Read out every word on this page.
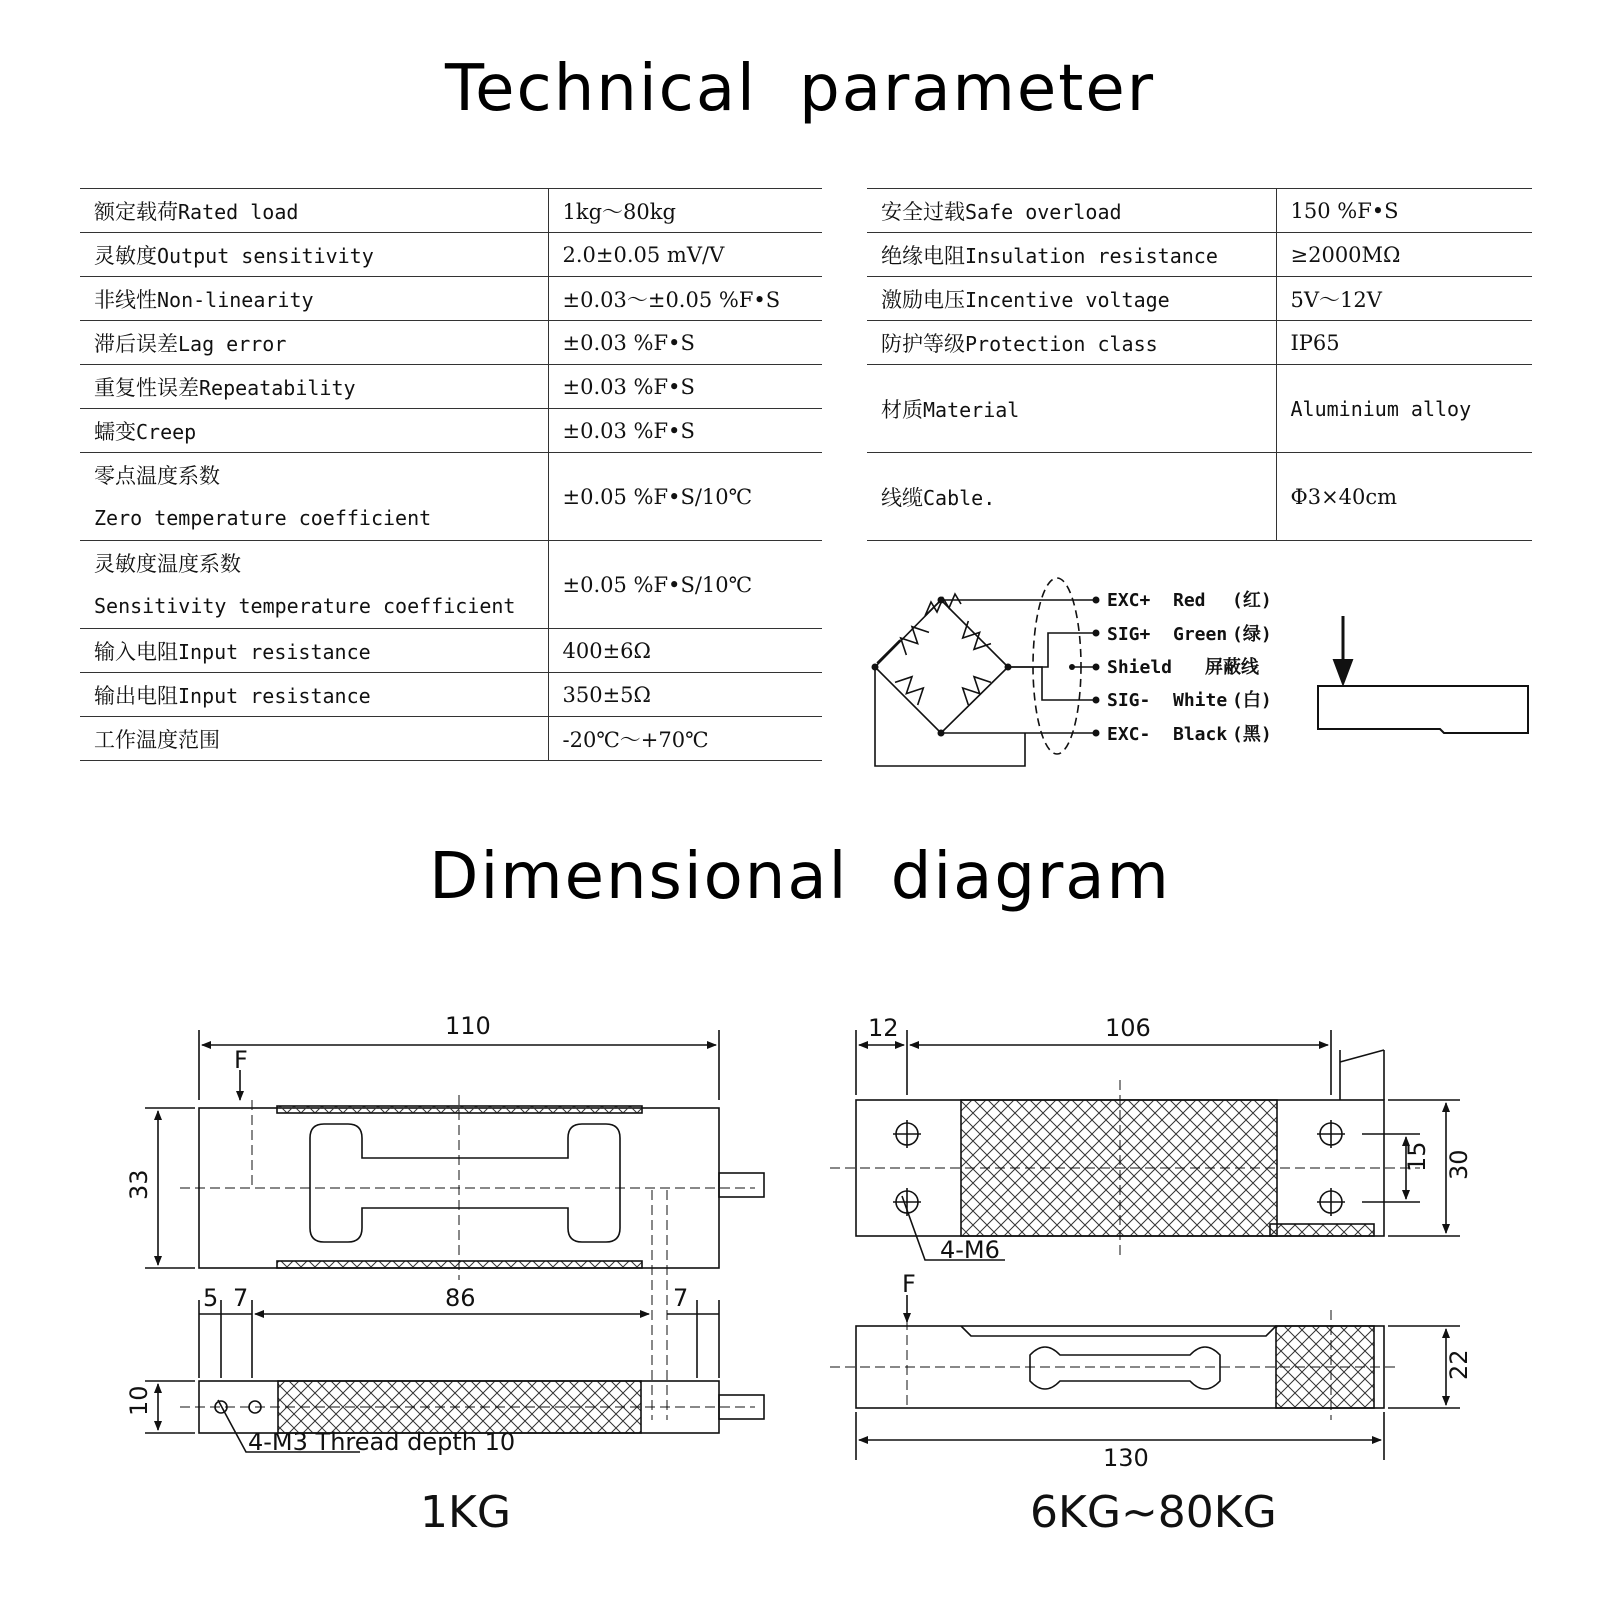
Technical parameter
额定载荷Rated load	1kg～80kg
灵敏度Output sensitivity	2.0±0.05 mV/V
非线性Non-linearity	±0.03～±0.05 %F•S
滞后误差Lag error	±0.03 %F•S
重复性误差Repeatability	±0.03 %F•S
蠕变Creep	±0.03 %F•S

零点温度系数
Zero temperature coefficient	±0.05 %F•S/10℃

灵敏度温度系数
Sensitivity temperature coefficient	±0.05 %F•S/10℃
输入电阻Input resistance	400±6Ω
输出电阻Input resistance	350±5Ω
工作温度范围	-20℃～+70℃
安全过载Safe overload	150 %F•S
绝缘电阻Insulation resistance	≥2000MΩ
激励电压Incentive voltage	5V～12V
防护等级Protection class	IP65
材质Material	Aluminium alloy
线缆Cable.	Φ3×40cm
Dimensional diagram
EXC+ Red (红)
SIG+ Green (绿)
Shield 屏蔽线
SIG- White (白)
EXC- Black (黑)
110
F
33
5 7	86	7
10
4-M3 Thread depth 10
1KG
12	106
15 30
4-M6
F
22
130
6KG~80KG
